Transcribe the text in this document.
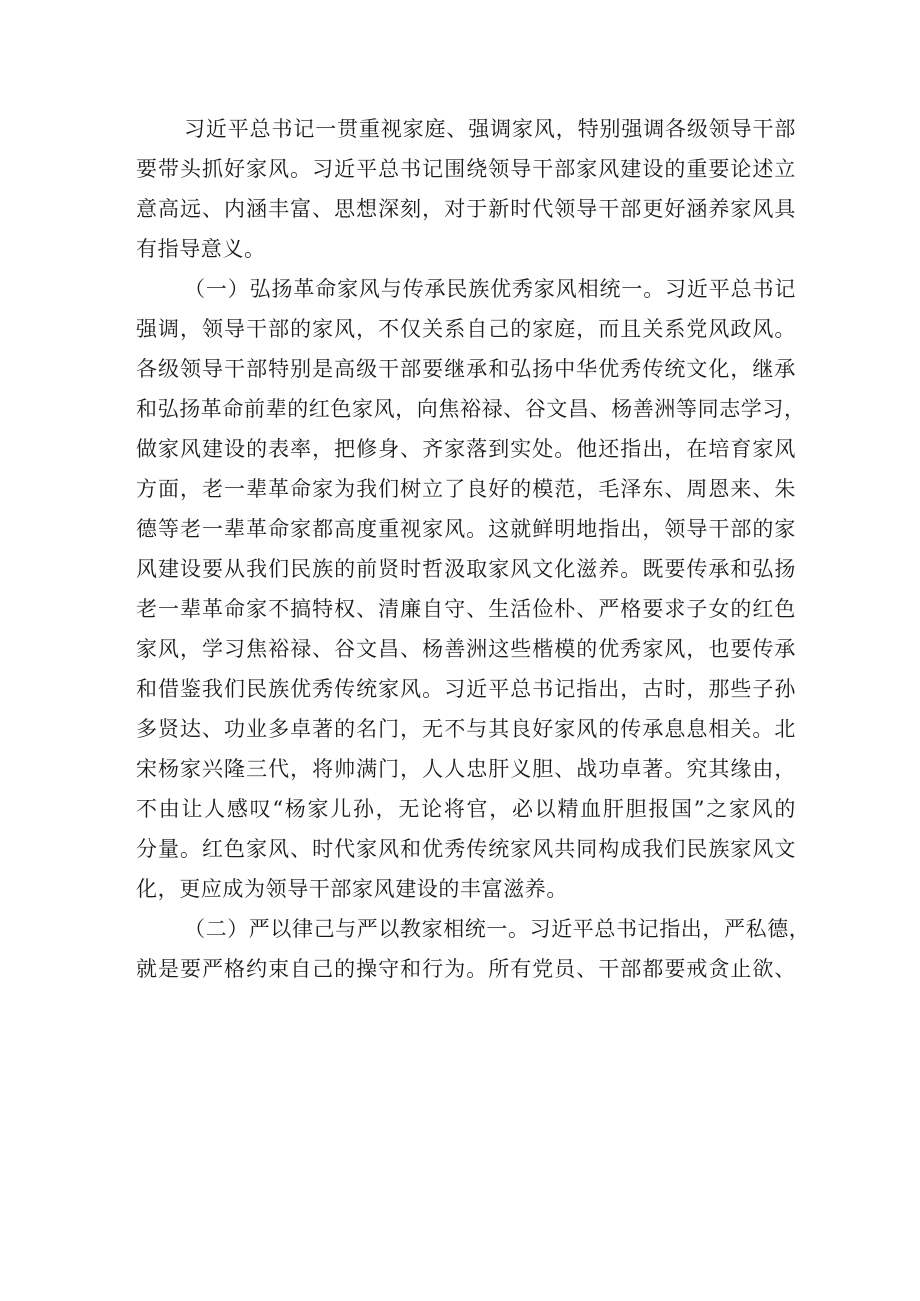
习近平总书记一贯重视家庭、强调家风，特别强调各级领导干部
要带头抓好家风。习近平总书记围绕领导干部家风建设的重要论述立
意高远、内涵丰富、思想深刻，对于新时代领导干部更好涵养家风具
有指导意义。

（一）弘扬革命家风与传承民族优秀家风相统一。习近平总书记
强调，领导干部的家风，不仅关系自己的家庭，而且关系党风政风。
各级领导干部特别是高级干部要继承和弘扬中华优秀传统文化，继承
和弘扬革命前辈的红色家风，向焦裕禄、谷文昌、杨善洲等同志学习，
做家风建设的表率，把修身、齐家落到实处。他还指出，在培育家风
方面，老一辈革命家为我们树立了良好的模范，毛泽东、周恩来、朱
德等老一辈革命家都高度重视家风。这就鲜明地指出，领导干部的家
风建设要从我们民族的前贤时哲汲取家风文化滋养。既要传承和弘扬
老一辈革命家不搞特权、清廉自守、生活俭朴、严格要求子女的红色
家风，学习焦裕禄、谷文昌、杨善洲这些楷模的优秀家风，也要传承
和借鉴我们民族优秀传统家风。习近平总书记指出，古时，那些子孙
多贤达、功业多卓著的名门，无不与其良好家风的传承息息相关。北
宋杨家兴隆三代，将帅满门，人人忠肝义胆、战功卓著。究其缘由，
不由让人感叹“杨家儿孙，无论将官，必以精血肝胆报国”之家风的
分量。红色家风、时代家风和优秀传统家风共同构成我们民族家风文
化，更应成为领导干部家风建设的丰富滋养。

（二）严以律己与严以教家相统一。习近平总书记指出，严私德，
就是要严格约束自己的操守和行为。所有党员、干部都要戒贪止欲、
